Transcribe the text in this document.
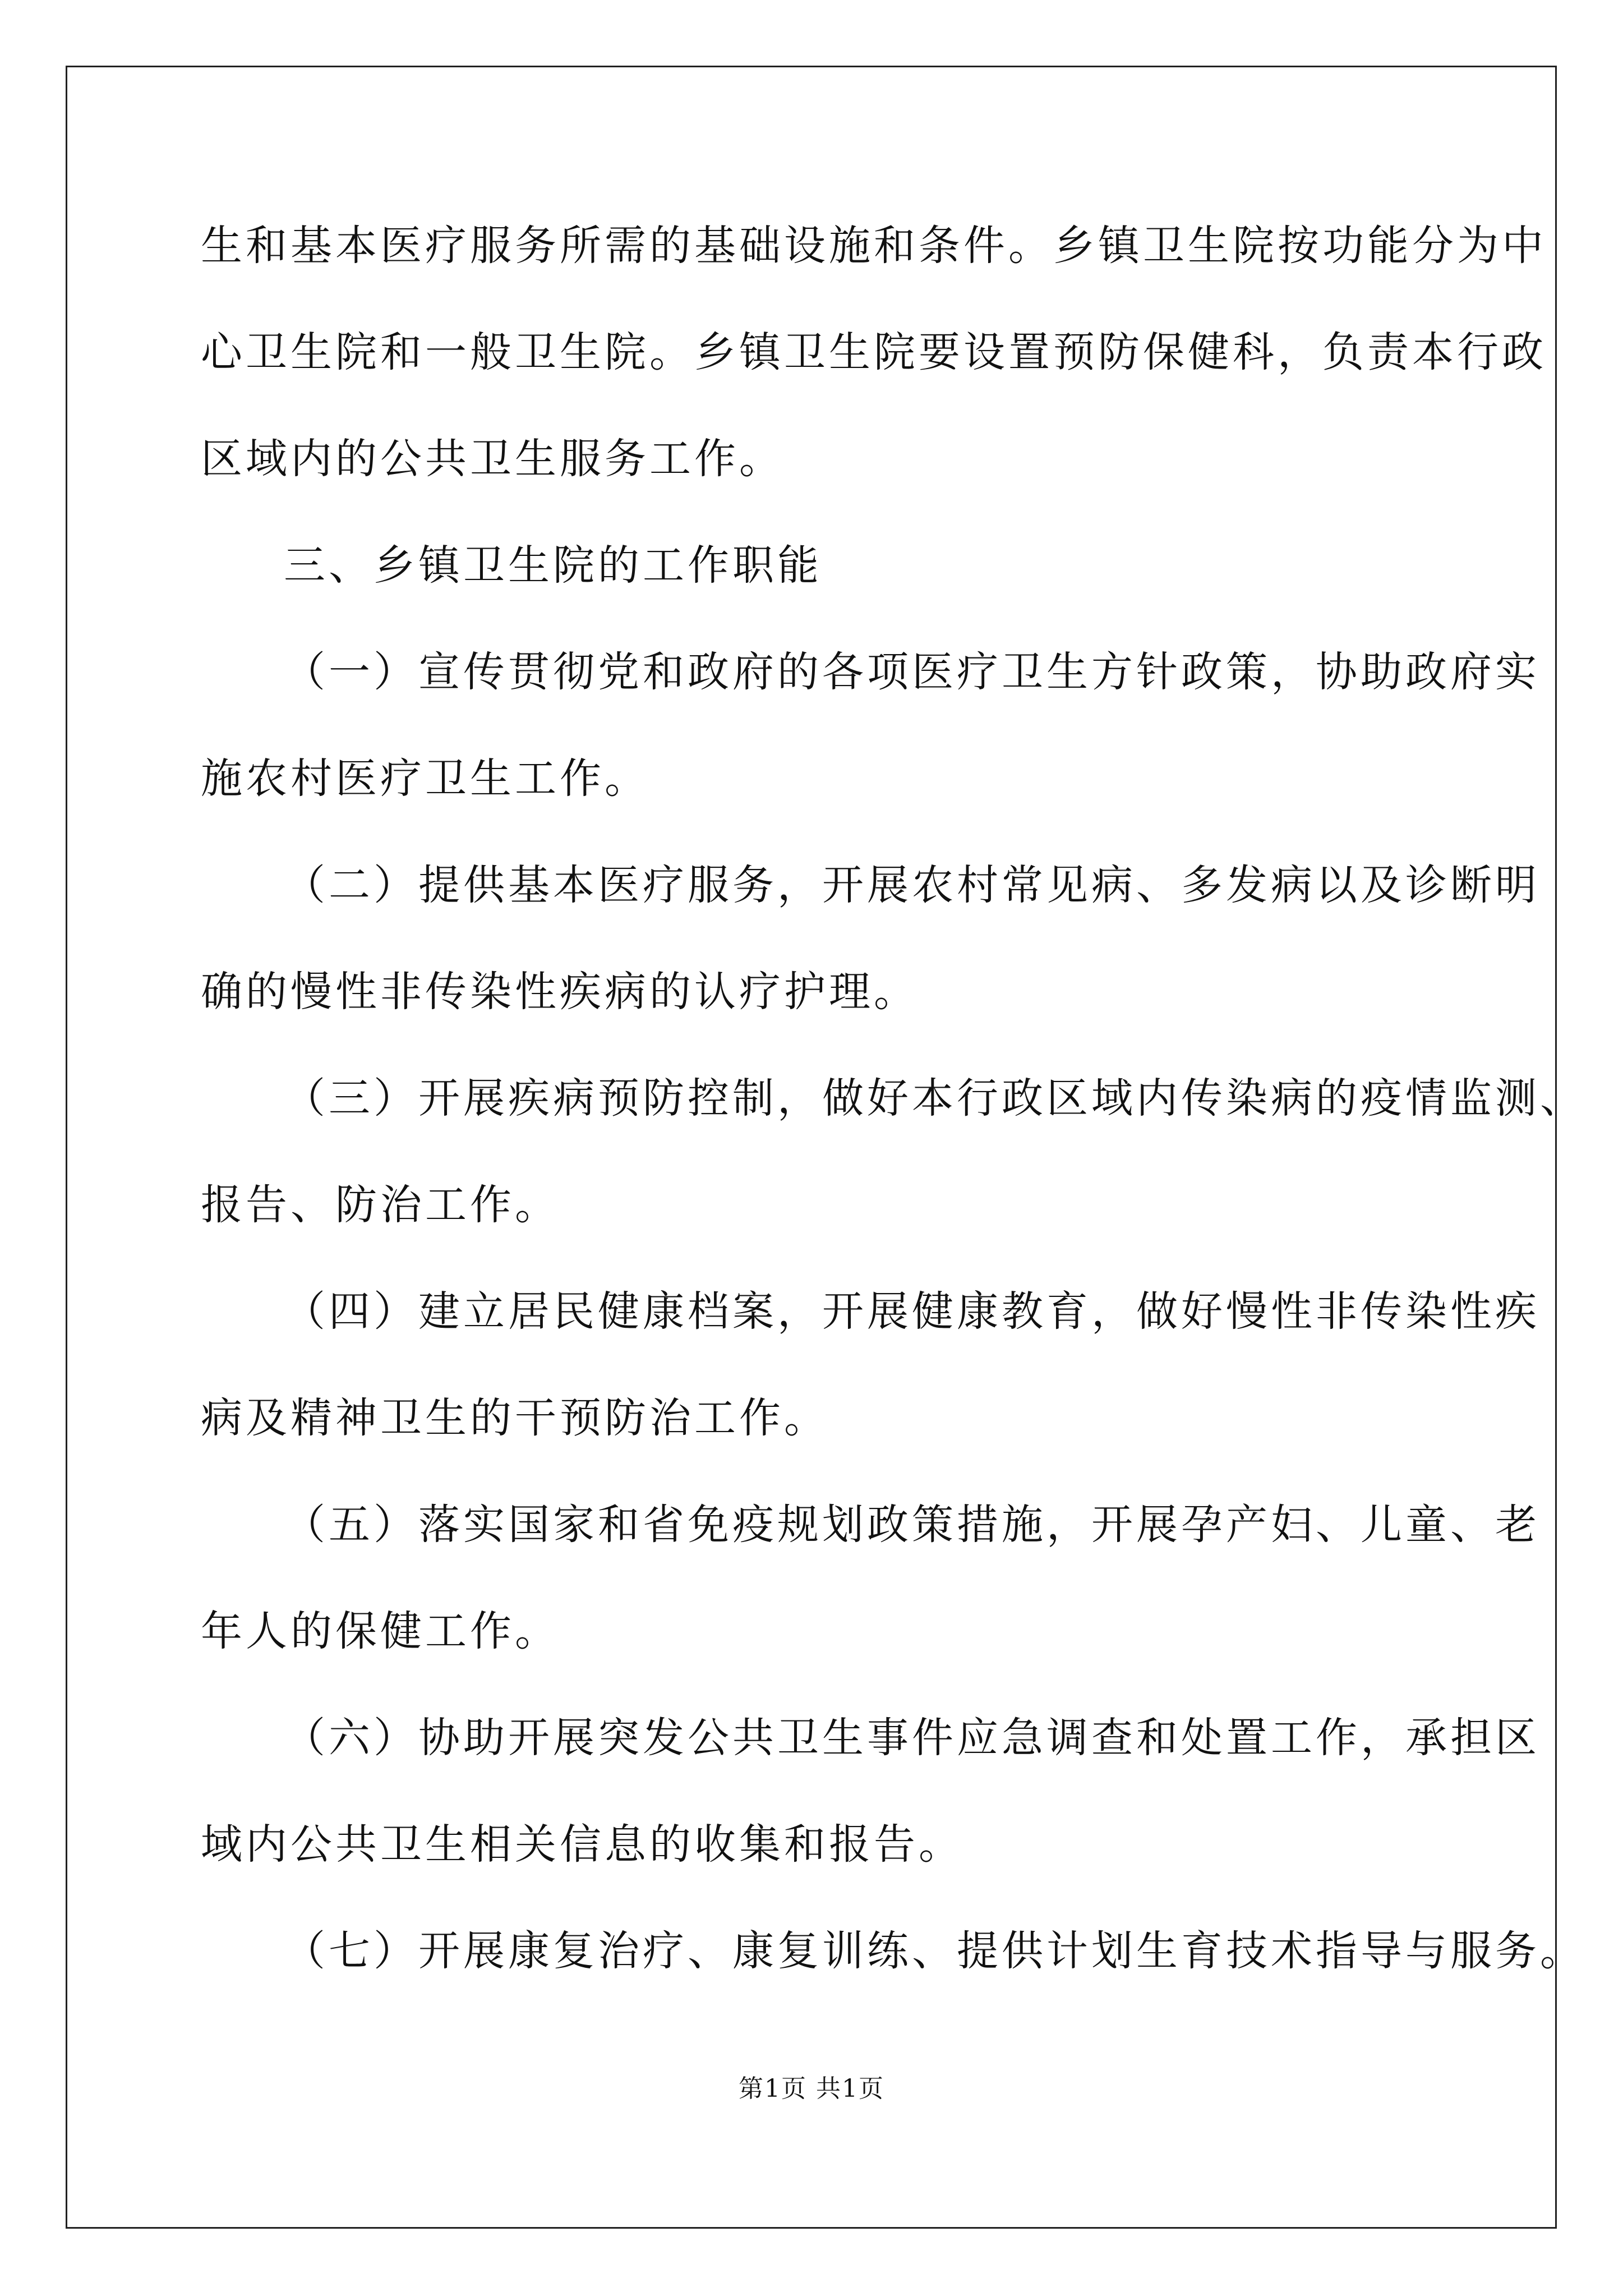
生和基本医疗服务所需的基础设施和条件。乡镇卫生院按功能分为中
心卫生院和一般卫生院。乡镇卫生院要设置预防保健科，负责本行政
区域内的公共卫生服务工作。
三、乡镇卫生院的工作职能
（一）宣传贯彻党和政府的各项医疗卫生方针政策，协助政府实
施农村医疗卫生工作。
（二）提供基本医疗服务，开展农村常见病、多发病以及诊断明
确的慢性非传染性疾病的认疗护理。
（三）开展疾病预防控制，做好本行政区域内传染病的疫情监测、
报告、防治工作。
（四）建立居民健康档案，开展健康教育，做好慢性非传染性疾
病及精神卫生的干预防治工作。
（五）落实国家和省免疫规划政策措施，开展孕产妇、儿童、老
年人的保健工作。
（六）协助开展突发公共卫生事件应急调查和处置工作，承担区
域内公共卫生相关信息的收集和报告。
（七）开展康复治疗、康复训练、提供计划生育技术指导与服务。
第1页 共1页
